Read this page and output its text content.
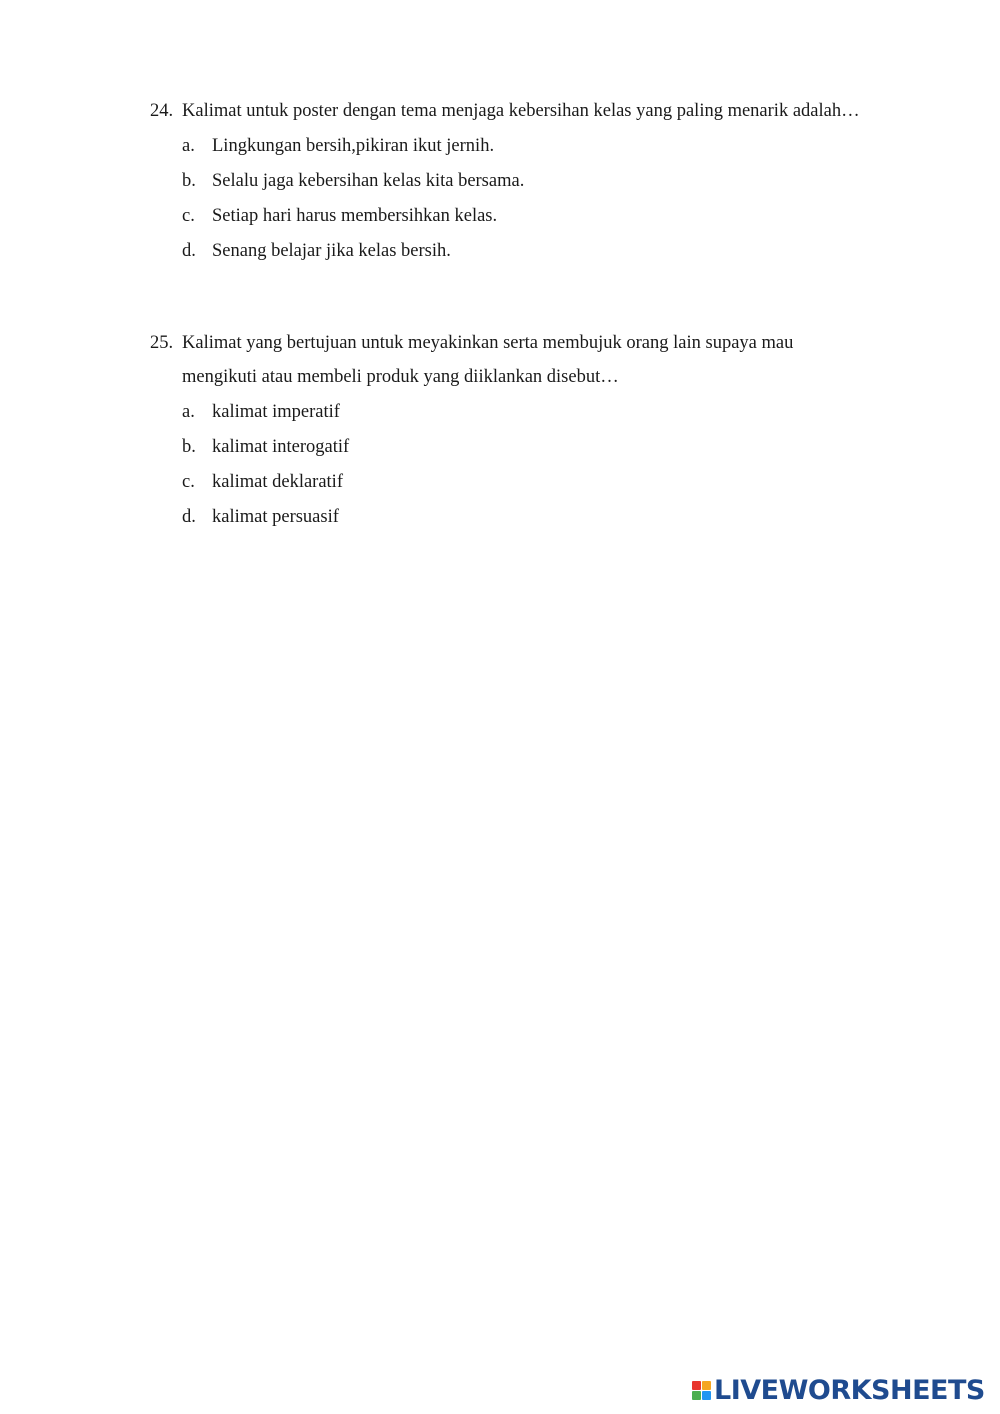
24. Kalimat untuk poster dengan tema menjaga kebersihan kelas yang paling menarik adalah…
a. Lingkungan bersih,pikiran ikut jernih.
b. Selalu jaga kebersihan kelas kita bersama.
c. Setiap hari harus membersihkan kelas.
d. Senang belajar jika kelas bersih.
25. Kalimat yang bertujuan untuk meyakinkan serta membujuk orang lain supaya mau mengikuti atau membeli produk yang diiklankan disebut…
a. kalimat imperatif
b. kalimat interogatif
c. kalimat deklaratif
d. kalimat persuasif
LIVEWORKSHEETS
